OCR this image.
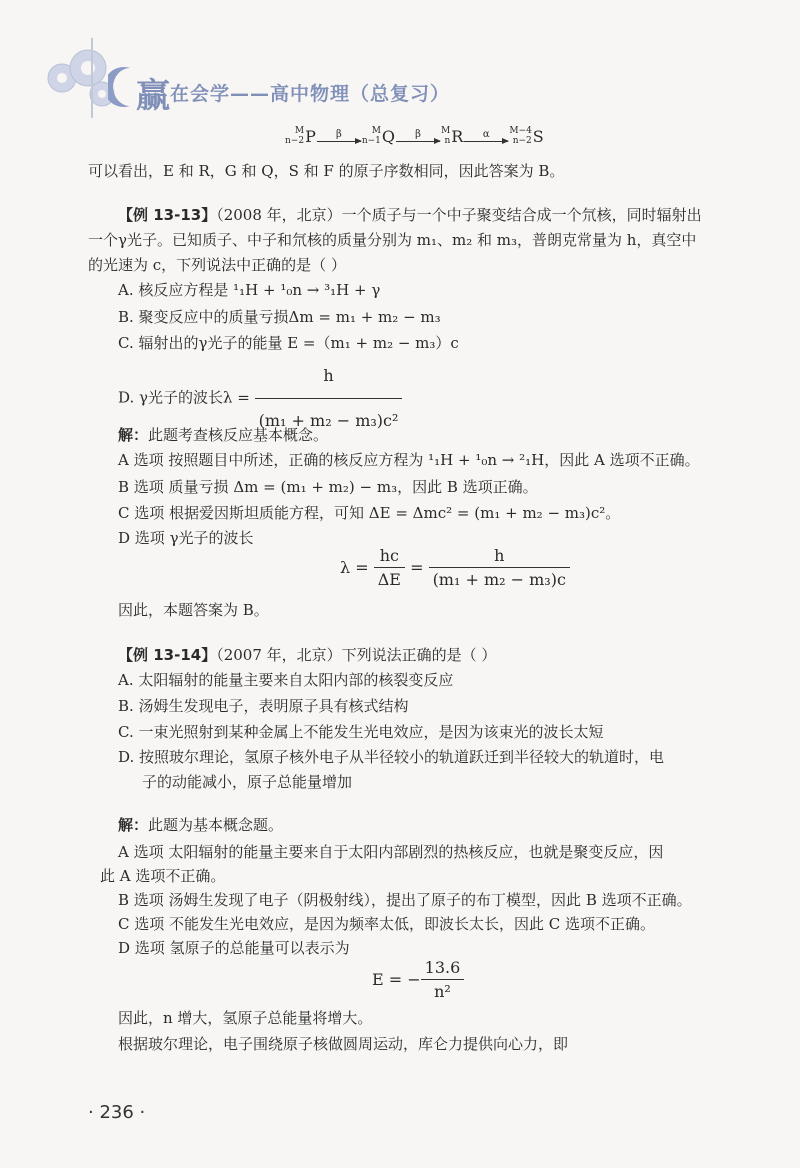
赢在会学——高中物理（总复习）
M
n−2 P	β	M
n−1 Q	β	M
n R	α	M−4
n−2 S
可以看出，E 和 R，G 和 Q，S 和 F 的原子序数相同，因此答案为 B。
【例 13-13】（2008 年，北京）一个质子与一个中子聚变结合成一个氘核，同时辐射出
一个γ光子。已知质子、中子和氘核的质量分别为 m₁、m₂ 和 m₃，普朗克常量为 h，真空中
的光速为 c，下列说法中正确的是（ ）
A. 核反应方程是 ¹₁H + ¹₀n → ³₁H + γ
B. 聚变反应中的质量亏损Δm = m₁ + m₂ − m₃
C. 辐射出的γ光子的能量 E =（m₁ + m₂ − m₃）c
D. γ光子的波长$\lambda = \frac{h}{\text{(m₁ + m₂ − m₃)c²}}$
解：此题考查核反应基本概念。
A 选项 按照题目中所述，正确的核反应方程为 ¹₁H + ¹₀n → ²₁H，因此 A 选项不正确。
B 选项 质量亏损 Δm = (m₁ + m₂) − m₃，因此 B 选项正确。
C 选项 根据爱因斯坦质能方程，可知 ΔE = Δmc² = (m₁ + m₂ − m₃)c²。
D 选项 γ光子的波长
λ =
$\frac{hc}{\Delta E}$
=
$\frac{h}{\text{(m₁ + m₂ − m₃)c}}$
因此，本题答案为 B。
【例 13-14】（2007 年，北京）下列说法正确的是（ ）
A. 太阳辐射的能量主要来自太阳内部的核裂变反应
B. 汤姆生发现电子，表明原子具有核式结构
C. 一束光照射到某种金属上不能发生光电效应，是因为该束光的波长太短
D. 按照玻尔理论，氢原子核外电子从半径较小的轨道跃迁到半径较大的轨道时，电
子的动能减小，原子总能量增加
解：此题为基本概念题。
A 选项 太阳辐射的能量主要来自于太阳内部剧烈的热核反应，也就是聚变反应，因
此 A 选项不正确。
B 选项 汤姆生发现了电子（阴极射线），提出了原子的布丁模型，因此 B 选项不正确。
C 选项 不能发生光电效应，是因为频率太低，即波长太长，因此 C 选项不正确。
D 选项 氢原子的总能量可以表示为
E = − $\frac{13.6}{\text{n²}}$
因此，n 增大，氢原子总能量将增大。
根据玻尔理论，电子围绕原子核做圆周运动，库仑力提供向心力，即
· 236 ·
